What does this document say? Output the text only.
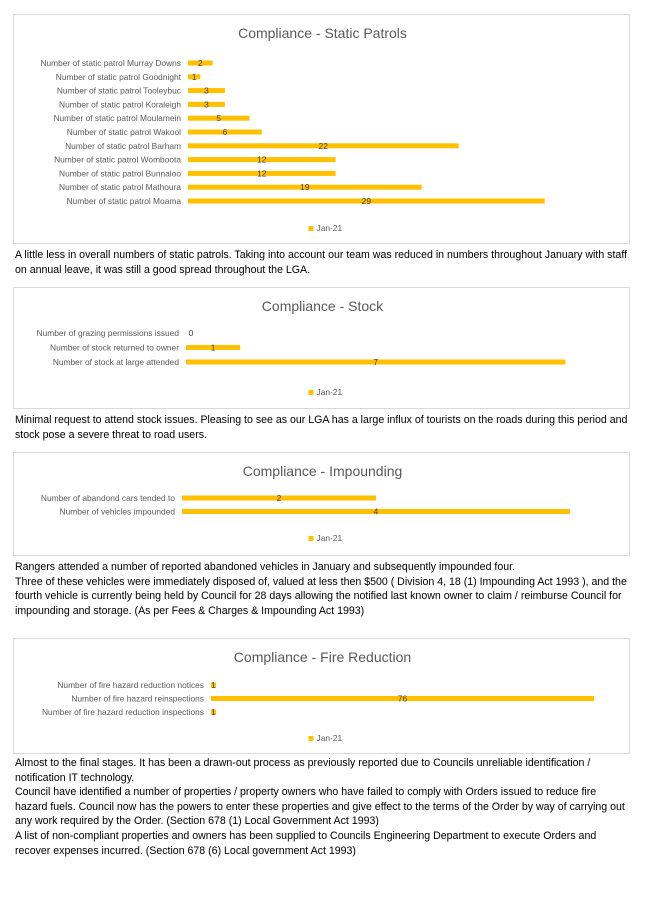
Compliance - Static Patrols
Number of static patrol Murray Downs 2
Number of static patrol Goodnight 1
Number of static patrol Tooleybuc	3
Number of static patrol Koraleigh	3
Number of static patrol Moulamein	5
Number of static patrol Wakool	6
Number of static patrol Barham	22
Number of static patrol Womboota	12
Number of static patrol Bunnaloo	12
Number of static patrol Mathoura	19
Number of static patrol Moama	29
Jan-21

A little less in overall numbers of static patrols. Taking into account our team was reduced in numbers throughout January with staff on annual leave, it was still a good spread throughout the LGA.

Compliance - Stock
Number of grazing permissions issued 0
Number of stock returned to owner	1
Number of stock at large attended	7
Jan-21

Minimal request to attend stock issues. Pleasing to see as our LGA has a large influx of tourists on the roads during this period and stock pose a severe threat to road users.

Compliance - Impounding
Number of abandond cars tended to	2
Number of vehicles impounded	4
Jan-21

Rangers attended a number of reported abandoned vehicles in January and subsequently impounded four.

Three of these vehicles were immediately disposed of, valued at less then $500 ( Division 4, 18 (1) Impounding Act 1993 ), and the fourth vehicle is currently being held by Council for 28 days allowing the notified last known owner to claim / reimburse Council for impounding and storage. (As per Fees & Charges & Impounding Act 1993)

Compliance - Fire Reduction
Number of fire hazard reduction notices 1
Number of fire hazard reinspections	76
Number of fire hazard reduction inspections 1
Jan-21

Almost to the final stages. It has been a drawn-out process as previously reported due to Councils unreliable identification / notification IT technology.

Council have identified a number of properties / property owners who have failed to comply with Orders issued to reduce fire hazard fuels. Council now has the powers to enter these properties and give effect to the terms of the Order by way of carrying out any work required by the Order. (Section 678 (1) Local Government Act 1993)

A list of non-compliant properties and owners has been supplied to Councils Engineering Department to execute Orders and recover expenses incurred. (Section 678 (6) Local government Act 1993)
